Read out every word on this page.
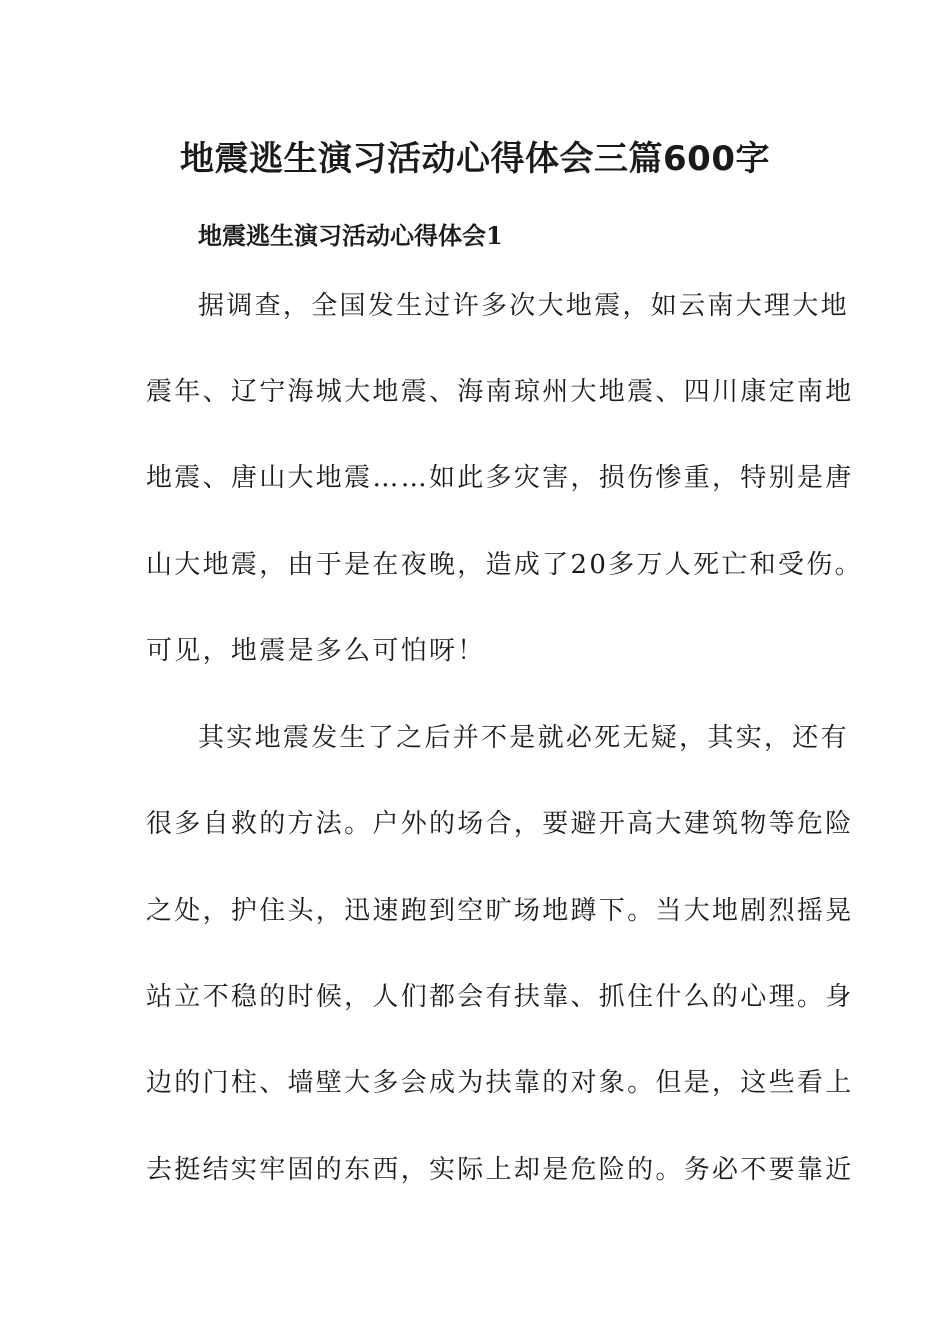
地震逃生演习活动心得体会三篇600字
地震逃生演习活动心得体会1
据调查，全国发生过许多次大地震，如云南大理大地
震年、辽宁海城大地震、海南琼州大地震、四川康定南地
地震、唐山大地震……如此多灾害，损伤惨重，特别是唐
山大地震，由于是在夜晚，造成了20多万人死亡和受伤。
可见，地震是多么可怕呀！
其实地震发生了之后并不是就必死无疑，其实，还有
很多自救的方法。户外的场合，要避开高大建筑物等危险
之处，护住头，迅速跑到空旷场地蹲下。当大地剧烈摇晃
站立不稳的时候，人们都会有扶靠、抓住什么的心理。身
边的门柱、墙壁大多会成为扶靠的对象。但是，这些看上
去挺结实牢固的东西，实际上却是危险的。务必不要靠近
